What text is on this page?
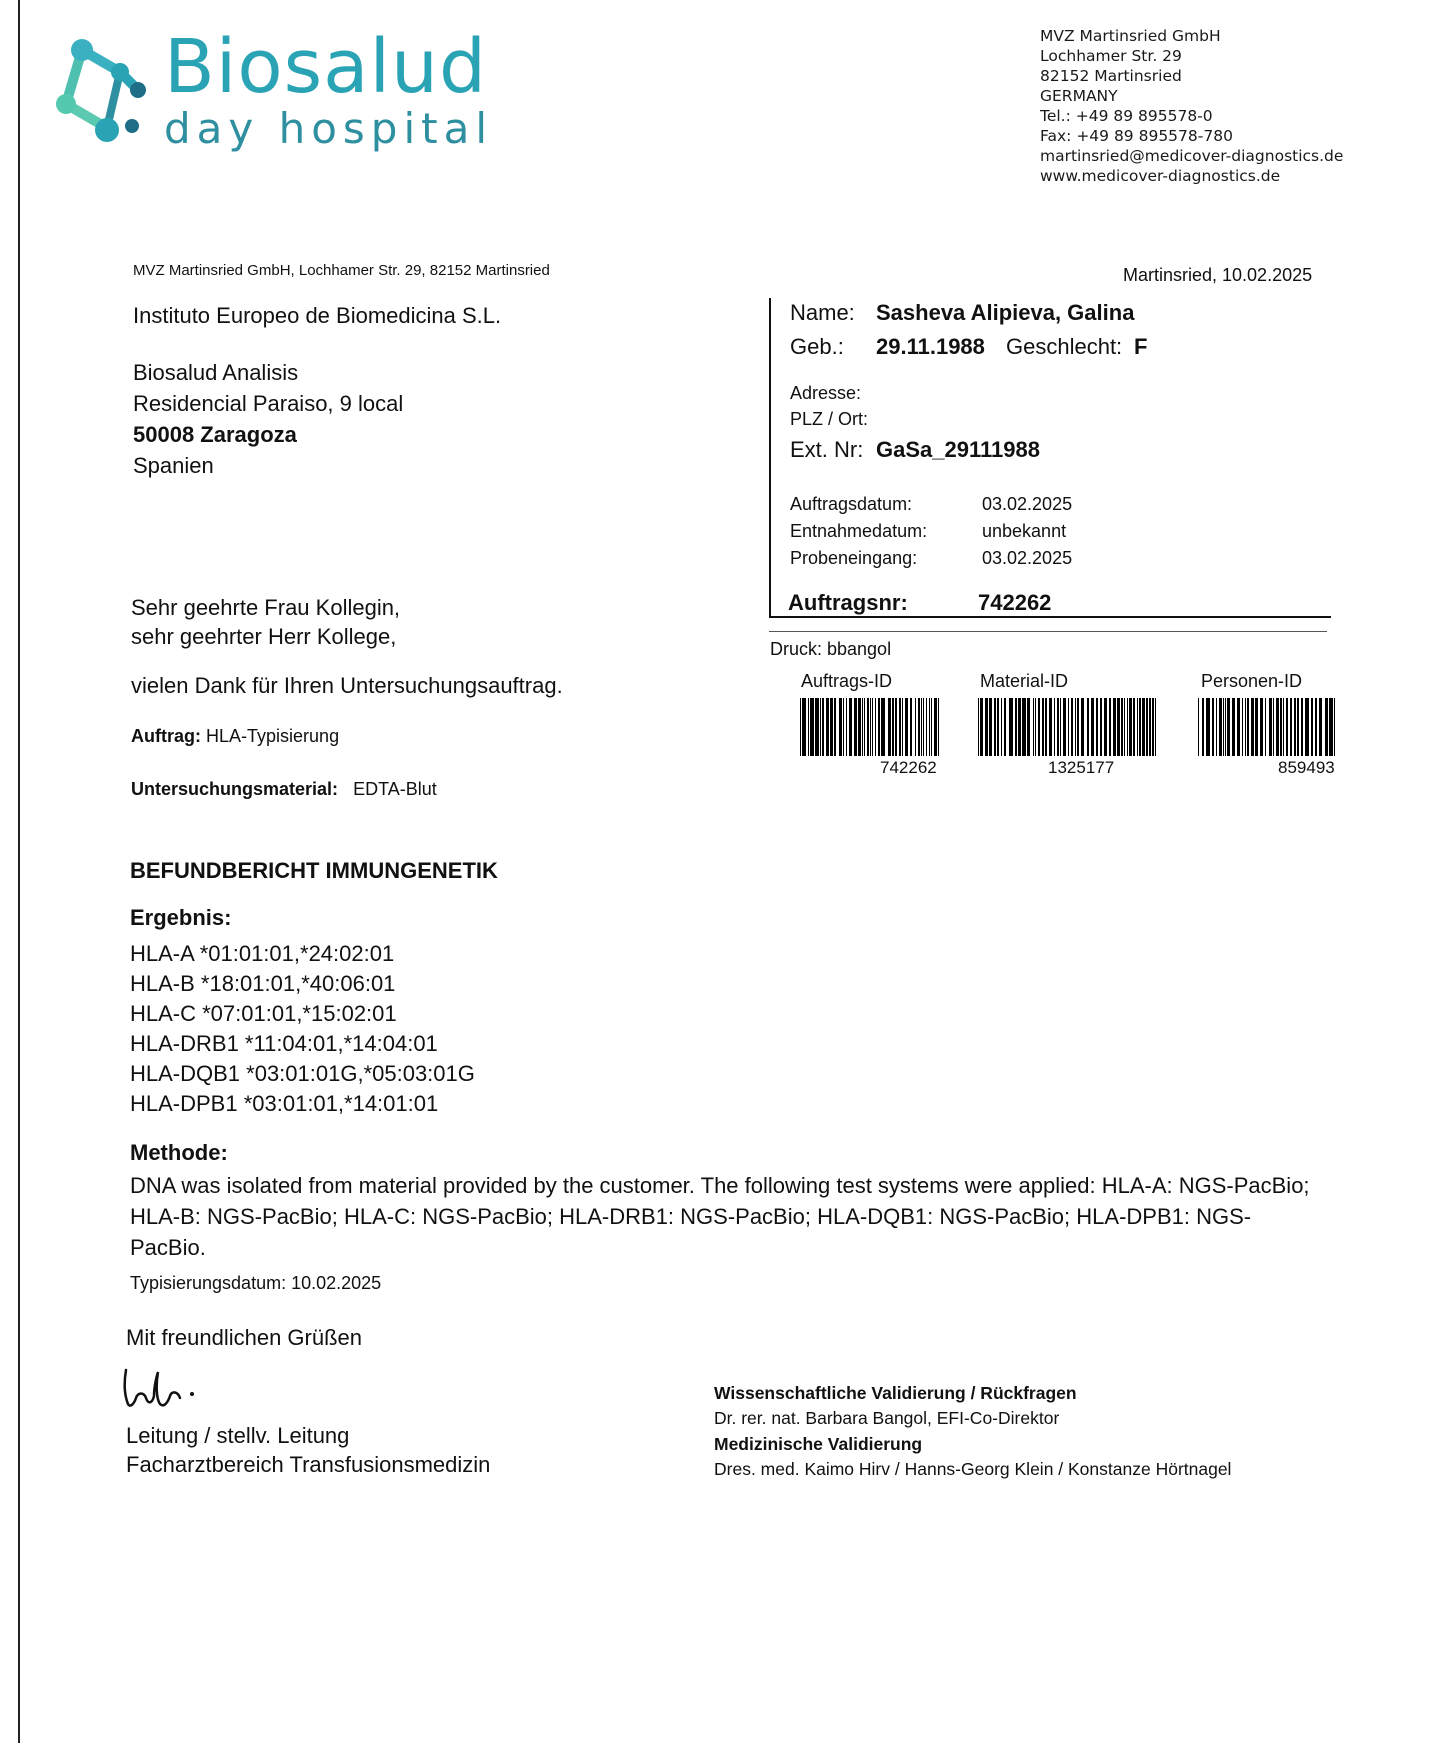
Biosalud
day hospital
MVZ Martinsried GmbH
Lochhamer Str. 29
82152 Martinsried
GERMANY
Tel.: +49 89 895578-0
Fax: +49 89 895578-780
martinsried@medicover-diagnostics.de
www.medicover-diagnostics.de
MVZ Martinsried GmbH, Lochhamer Str. 29, 82152 Martinsried	Martinsried, 10.02.2025
Instituto Europeo de Biomedicina S.L.
Biosalud Analisis
Residencial Paraiso, 9 local
50008 Zaragoza
Spanien
Name: Sasheva Alipieva, Galina
Geb.: 29.11.1988 Geschlecht: F
Adresse:
PLZ / Ort:
Ext. Nr: GaSa_29111988
Auftragsdatum:	03.02.2025
Entnahmedatum:	unbekannt
Probeneingang:	03.02.2025
Auftragsnr:	742262
Druck: bbangol
Auftrags-ID	Material-ID	Personen-ID
742262	1325177	859493
Sehr geehrte Frau Kollegin,
sehr geehrter Herr Kollege,
vielen Dank für Ihren Untersuchungsauftrag.
Auftrag: HLA-Typisierung
Untersuchungsmaterial: EDTA-Blut
BEFUNDBERICHT IMMUNGENETIK
Ergebnis:
HLA-A *01:01:01,*24:02:01
HLA-B *18:01:01,*40:06:01
HLA-C *07:01:01,*15:02:01
HLA-DRB1 *11:04:01,*14:04:01
HLA-DQB1 *03:01:01G,*05:03:01G
HLA-DPB1 *03:01:01,*14:01:01
Methode:
DNA was isolated from material provided by the customer. The following test systems were applied: HLA-A: NGS-PacBio; HLA-B: NGS-PacBio; HLA-C: NGS-PacBio; HLA-DRB1: NGS-PacBio; HLA-DQB1: NGS-PacBio; HLA-DPB1: NGS-PacBio.
Typisierungsdatum: 10.02.2025
Mit freundlichen Grüßen
Leitung / stellv. Leitung
Facharztbereich Transfusionsmedizin
Wissenschaftliche Validierung / Rückfragen
Dr. rer. nat. Barbara Bangol, EFI-Co-Direktor
Medizinische Validierung
Dres. med. Kaimo Hirv / Hanns-Georg Klein / Konstanze Hörtnagel
